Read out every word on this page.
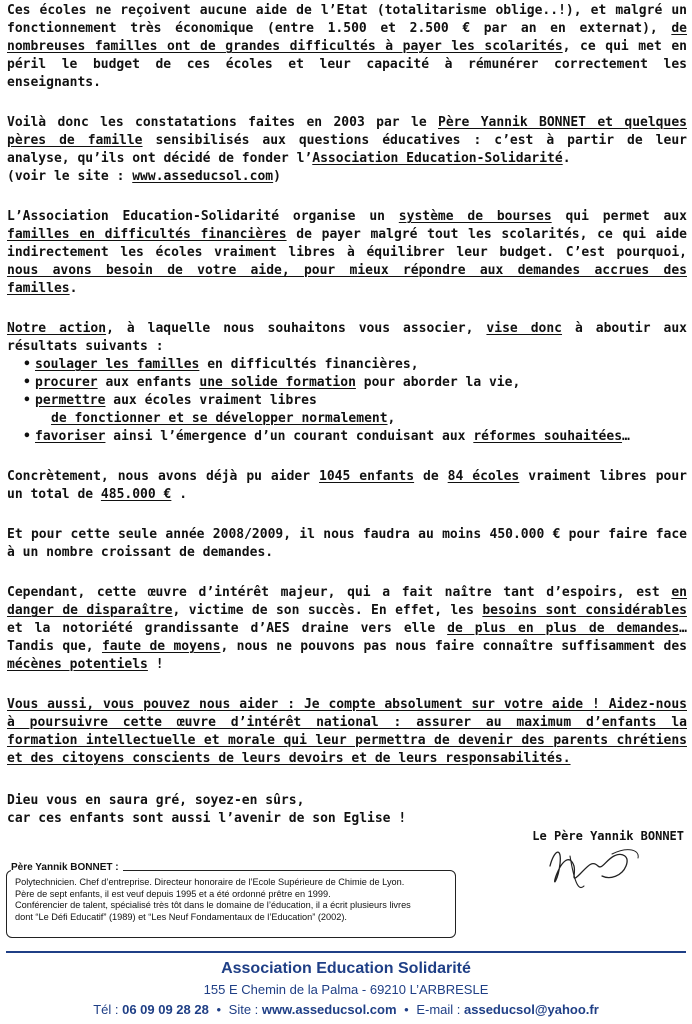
Ces écoles ne reçoivent aucune aide de l’Etat (totalitarisme oblige..!), et malgré un fonctionnement très économique (entre 1.500 et 2.500 € par an en externat), de nombreuses familles ont de grandes difficultés à payer les scolarités, ce qui met en péril le budget de ces écoles et leur capacité à rémunérer correctement les enseignants.

Voilà donc les constatations faites en 2003 par le Père Yannik BONNET et quelques pères de famille sensibilisés aux questions éducatives : c’est à partir de leur analyse, qu’ils ont décidé de fonder l’Association Education-Solidarité.
(voir le site : www.asseducsol.com)

L’Association Education-Solidarité organise un système de bourses qui permet aux familles en difficultés financières de payer malgré tout les scolarités, ce qui aide indirectement les écoles vraiment libres à équilibrer leur budget. C’est pourquoi, nous avons besoin de votre aide, pour mieux répondre aux demandes accrues des familles.

Notre action, à laquelle nous souhaitons vous associer, vise donc à aboutir aux résultats suivants :

• soulager les familles en difficultés financières,
• procurer aux enfants une solide formation pour aborder la vie,
• permettre aux écoles vraiment libres
de fonctionner et se développer normalement,
• favoriser ainsi l’émergence d’un courant conduisant aux réformes souhaitées…

Concrètement, nous avons déjà pu aider 1045 enfants de 84 écoles vraiment libres pour un total de 485.000 € .

Et pour cette seule année 2008/2009, il nous faudra au moins 450.000 € pour faire face à un nombre croissant de demandes.

Cependant, cette œuvre d’intérêt majeur, qui a fait naître tant d’espoirs, est en danger de disparaître, victime de son succès. En effet, les besoins sont considérables et la notoriété grandissante d’AES draine vers elle de plus en plus de demandes… Tandis que, faute de moyens, nous ne pouvons pas nous faire connaître suffisamment des mécènes potentiels !

Vous aussi, vous pouvez nous aider : Je compte absolument sur votre aide ! Aidez-nous à poursuivre cette œuvre d’intérêt national : assurer au maximum d’enfants la formation intellectuelle et morale qui leur permettra de devenir des parents chrétiens et des citoyens conscients de leurs devoirs et de leurs responsabilités.

Dieu vous en saura gré, soyez-en sûrs,

car ces enfants sont aussi l’avenir de son Eglise !

Le Père Yannik BONNET
Père Yannik BONNET :
Polytechnicien. Chef d’entreprise. Directeur honoraire de l’Ecole Supérieure de Chimie de Lyon.
Père de sept enfants, il est veuf depuis 1995 et a été ordonné prêtre en 1999.
Conférencier de talent, spécialisé très tôt dans le domaine de l’éducation, il a écrit plusieurs livres
dont “Le Défi Educatif” (1989) et “Les Neuf Fondamentaux de l’Education” (2002).
Association Education Solidarité
155 E Chemin de la Palma - 69210 L’ARBRESLE
Tél : 06 09 09 28 28 • Site : www.asseducsol.com • E-mail : asseducsol@yahoo.fr
